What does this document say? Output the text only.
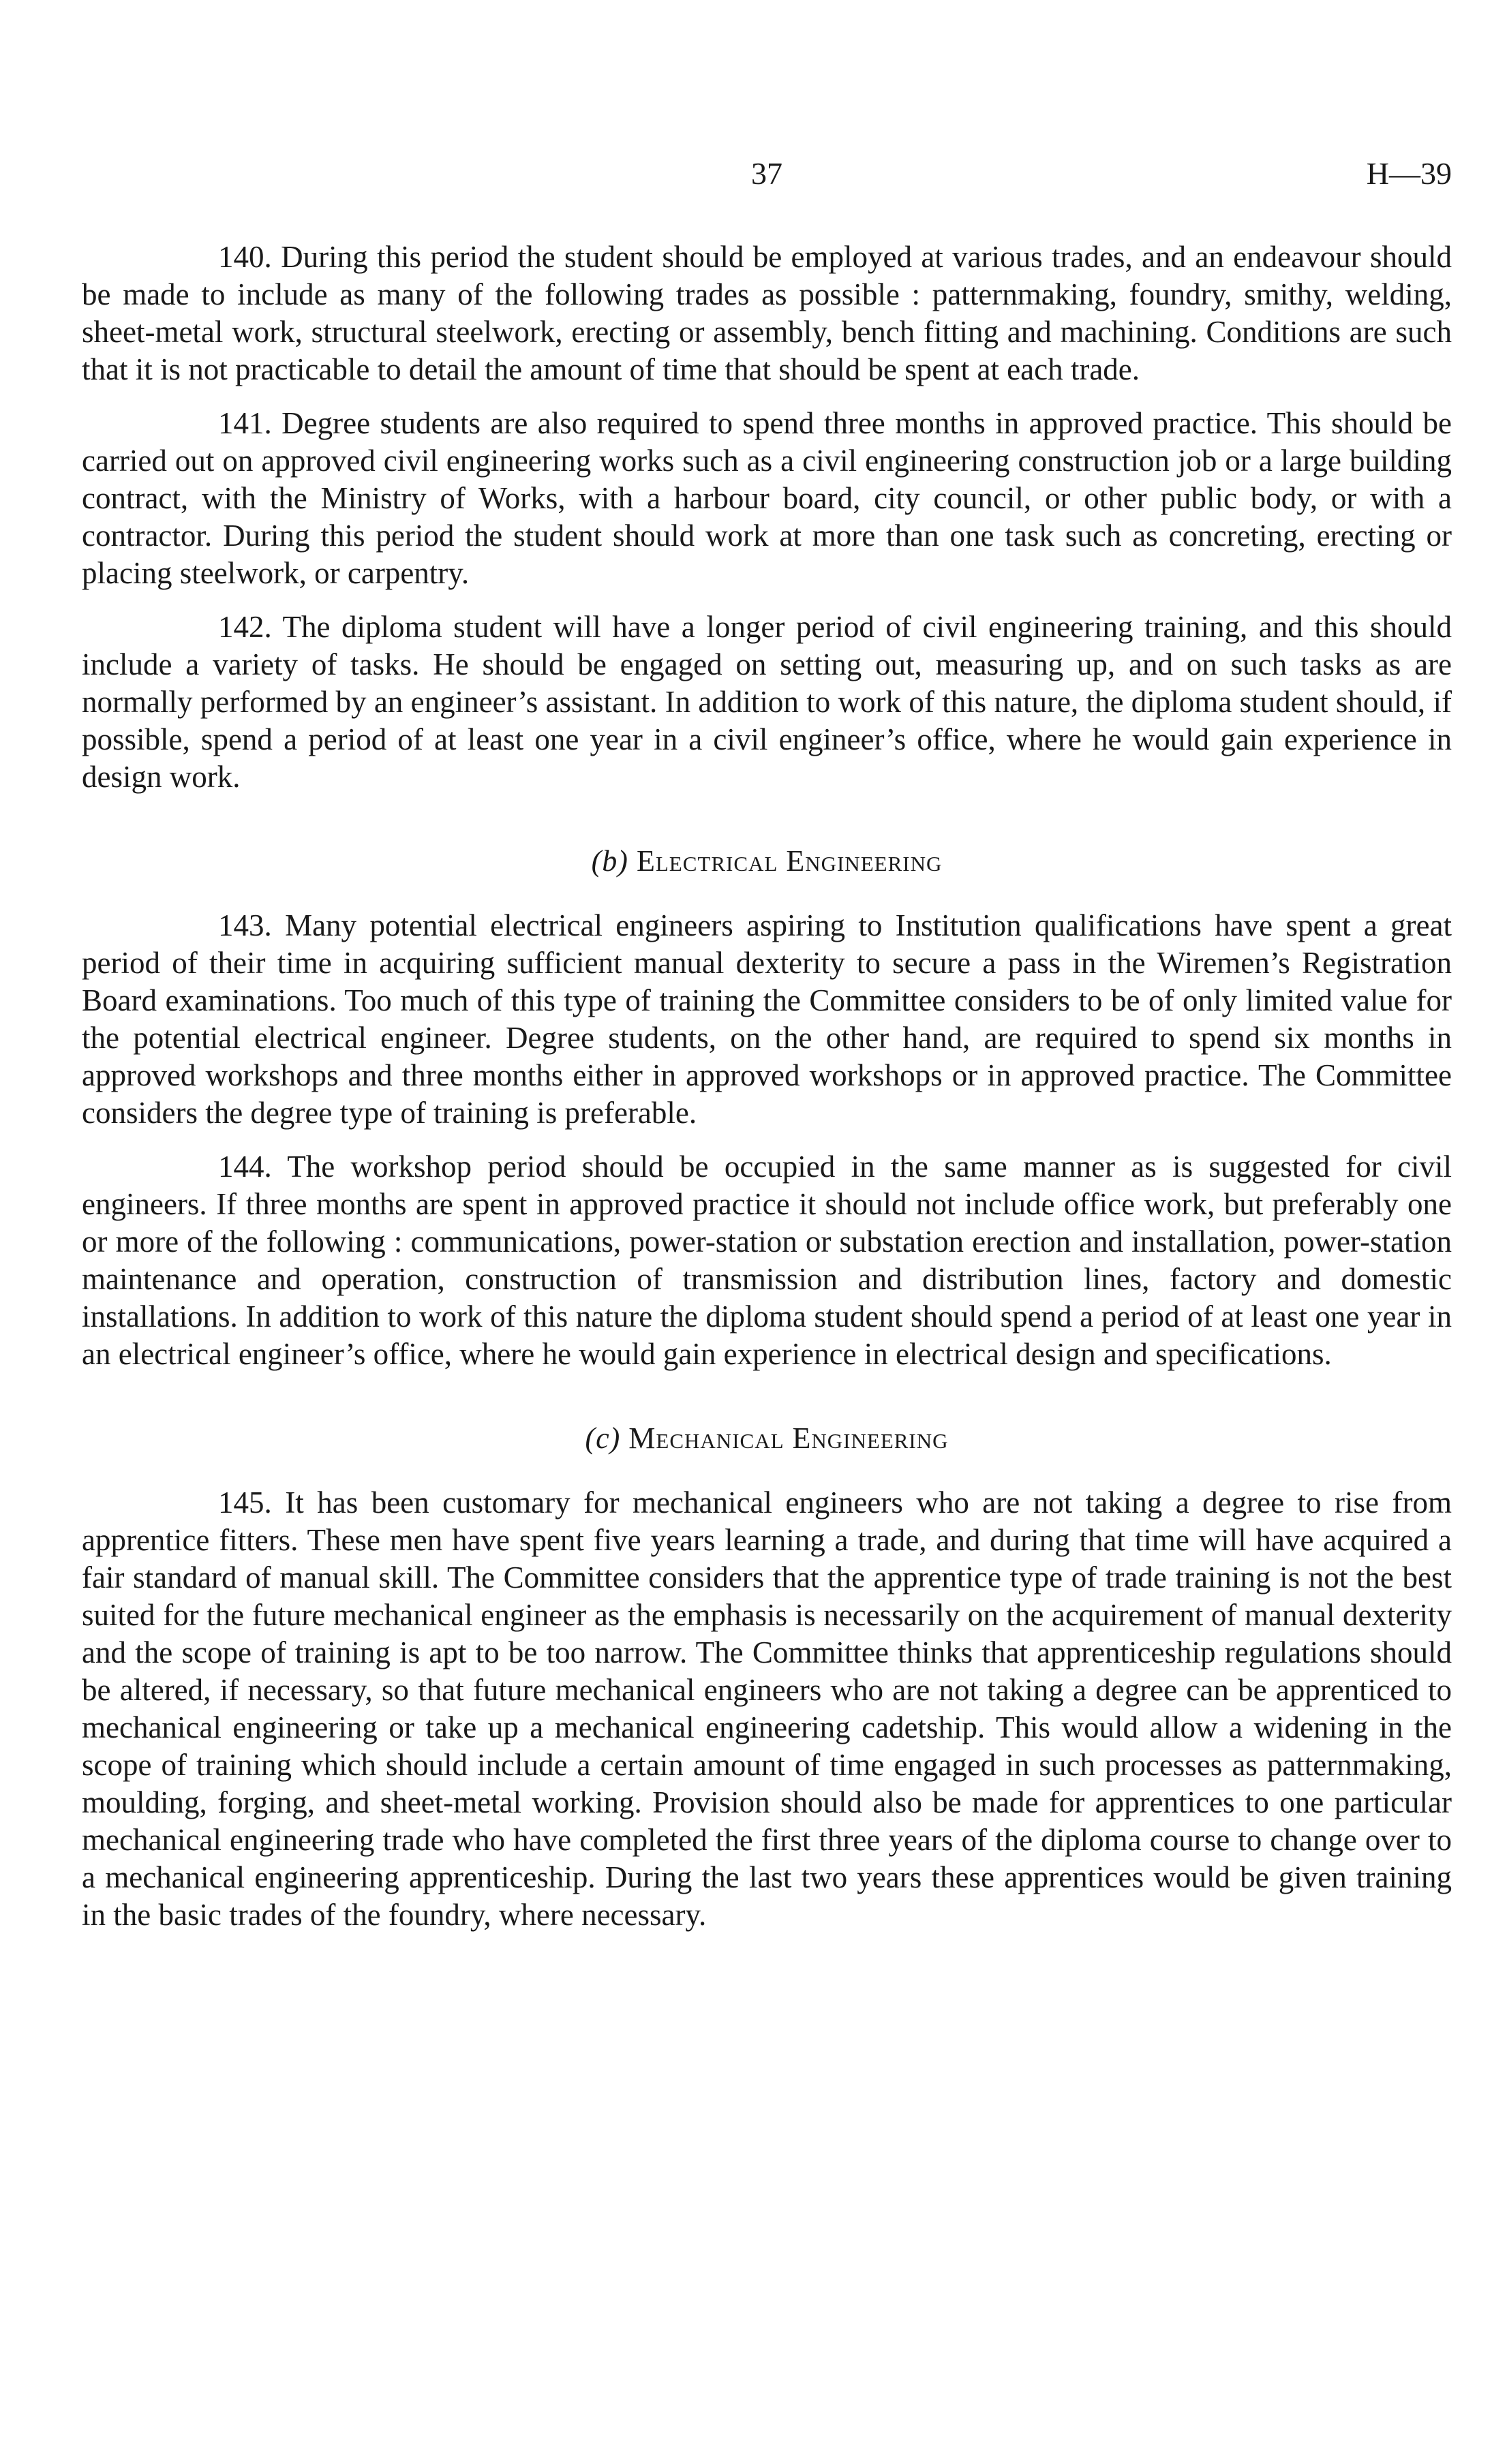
37	H—39

140. During this period the student should be employed at various trades, and an endeavour should be made to include as many of the following trades as possible : patternmaking, foundry, smithy, welding, sheet-metal work, structural steelwork, erecting or assembly, bench fitting and machining. Conditions are such that it is not practicable to detail the amount of time that should be spent at each trade.

141. Degree students are also required to spend three months in approved practice. This should be carried out on approved civil engineering works such as a civil engineering construction job or a large building contract, with the Ministry of Works, with a harbour board, city council, or other public body, or with a contractor. During this period the student should work at more than one task such as concreting, erecting or placing steelwork, or carpentry.

142. The diploma student will have a longer period of civil engineering training, and this should include a variety of tasks. He should be engaged on setting out, measuring up, and on such tasks as are normally performed by an engineer’s assistant. In addition to work of this nature, the diploma student should, if possible, spend a period of at least one year in a civil engineer’s office, where he would gain experience in design work.

(b) Electrical Engineering

143. Many potential electrical engineers aspiring to Institution qualifications have spent a great period of their time in acquiring sufficient manual dexterity to secure a pass in the Wiremen’s Registration Board examinations. Too much of this type of training the Committee considers to be of only limited value for the potential electrical engineer. Degree students, on the other hand, are required to spend six months in approved workshops and three months either in approved workshops or in approved practice. The Committee considers the degree type of training is preferable.

144. The workshop period should be occupied in the same manner as is suggested for civil engineers. If three months are spent in approved practice it should not include office work, but preferably one or more of the following : communications, power-station or substation erection and installation, power-station maintenance and operation, construction of transmission and distribution lines, factory and domestic installations. In addition to work of this nature the diploma student should spend a period of at least one year in an electrical engineer’s office, where he would gain experience in electrical design and specifications.

(c) Mechanical Engineering

145. It has been customary for mechanical engineers who are not taking a degree to rise from apprentice fitters. These men have spent five years learning a trade, and during that time will have acquired a fair standard of manual skill. The Committee considers that the apprentice type of trade training is not the best suited for the future mechanical engineer as the emphasis is necessarily on the acquirement of manual dexterity and the scope of training is apt to be too narrow. The Committee thinks that apprenticeship regulations should be altered, if necessary, so that future mechanical engineers who are not taking a degree can be apprenticed to mechanical engineering or take up a mechanical engineering cadetship. This would allow a widening in the scope of training which should include a certain amount of time engaged in such processes as patternmaking, moulding, forging, and sheet-metal working. Provision should also be made for apprentices to one particular mechanical engineering trade who have completed the first three years of the diploma course to change over to a mechanical engineering apprenticeship. During the last two years these apprentices would be given training in the basic trades of the foundry, where necessary.
